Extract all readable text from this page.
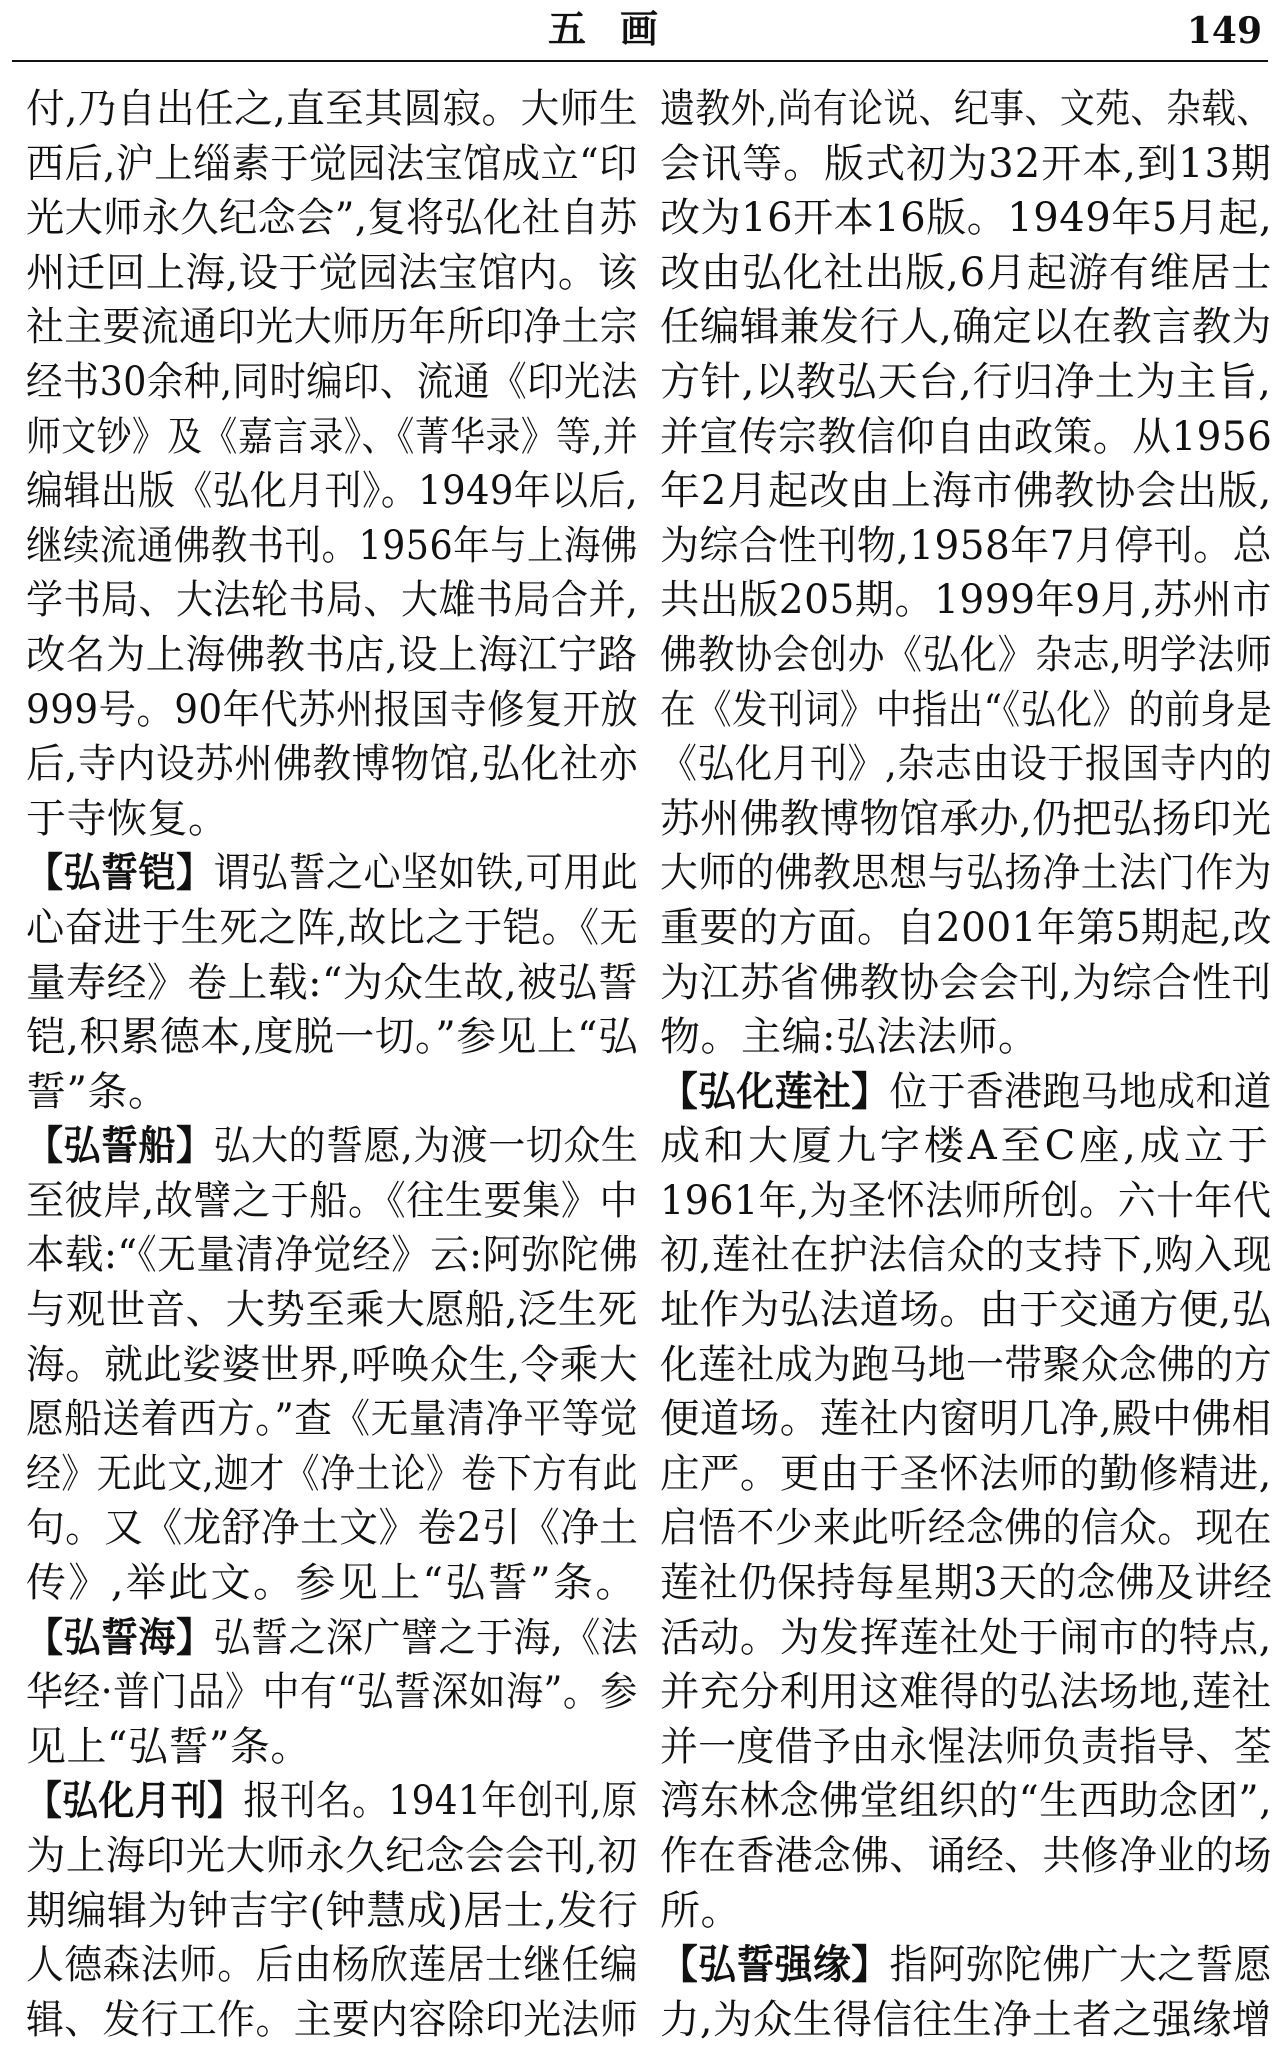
五画	149
付,乃自出任之,直至其圆寂。大师生
西后,沪上缁素于觉园法宝馆成立“印
光大师永久纪念会”,复将弘化社自苏
州迁回上海,设于觉园法宝馆内。该
社主要流通印光大师历年所印净土宗
经书30余种,同时编印、流通《印光法
师文钞》及《嘉言录》、《菁华录》等,并
编辑出版《弘化月刊》。1949年以后,
继续流通佛教书刊。1956年与上海佛
学书局、大法轮书局、大雄书局合并,
改名为上海佛教书店,设上海江宁路
999号。90年代苏州报国寺修复开放
后,寺内设苏州佛教博物馆,弘化社亦
于寺恢复。
【弘誓铠】谓弘誓之心坚如铁,可用此
心奋进于生死之阵,故比之于铠。《无
量寿经》卷上载:“为众生故,被弘誓
铠,积累德本,度脱一切。”参见上“弘
誓”条。
【弘誓船】弘大的誓愿,为渡一切众生
至彼岸,故譬之于船。《往生要集》中
本载:“《无量清净觉经》云:阿弥陀佛
与观世音、大势至乘大愿船,泛生死
海。就此娑婆世界,呼唤众生,令乘大
愿船送着西方。”查《无量清净平等觉
经》无此文,迦才《净土论》卷下方有此
句。又《龙舒净土文》卷2引《净土
传》,举此文。参见上“弘誓”条。
【弘誓海】弘誓之深广譬之于海,《法
华经·普门品》中有“弘誓深如海”。参
见上“弘誓”条。
【弘化月刊】报刊名。1941年创刊,原
为上海印光大师永久纪念会会刊,初
期编辑为钟吉宇(钟慧成)居士,发行
人德森法师。后由杨欣莲居士继任编
辑、发行工作。主要内容除印光法师
遗教外,尚有论说、纪事、文苑、杂载、
会讯等。版式初为32开本,到13期
改为16开本16版。1949年5月起,
改由弘化社出版,6月起游有维居士
任编辑兼发行人,确定以在教言教为
方针,以教弘天台,行归净土为主旨,
并宣传宗教信仰自由政策。从1956
年2月起改由上海市佛教协会出版,
为综合性刊物,1958年7月停刊。总
共出版205期。1999年9月,苏州市
佛教协会创办《弘化》杂志,明学法师
在《发刊词》中指出“《弘化》的前身是
《弘化月刊》,杂志由设于报国寺内的
苏州佛教博物馆承办,仍把弘扬印光
大师的佛教思想与弘扬净土法门作为
重要的方面。自2001年第5期起,改
为江苏省佛教协会会刊,为综合性刊
物。主编:弘法法师。
【弘化莲社】位于香港跑马地成和道
成和大厦九字楼A至C座,成立于
1961年,为圣怀法师所创。六十年代
初,莲社在护法信众的支持下,购入现
址作为弘法道场。由于交通方便,弘
化莲社成为跑马地一带聚众念佛的方
便道场。莲社内窗明几净,殿中佛相
庄严。更由于圣怀法师的勤修精进,
启悟不少来此听经念佛的信众。现在
莲社仍保持每星期3天的念佛及讲经
活动。为发挥莲社处于闹市的特点,
并充分利用这难得的弘法场地,莲社
并一度借予由永惺法师负责指导、荃
湾东林念佛堂组织的“生西助念团”,
作在香港念佛、诵经、共修净业的场
所。
【弘誓强缘】指阿弥陀佛广大之誓愿
力,为众生得信往生净土者之强缘增
